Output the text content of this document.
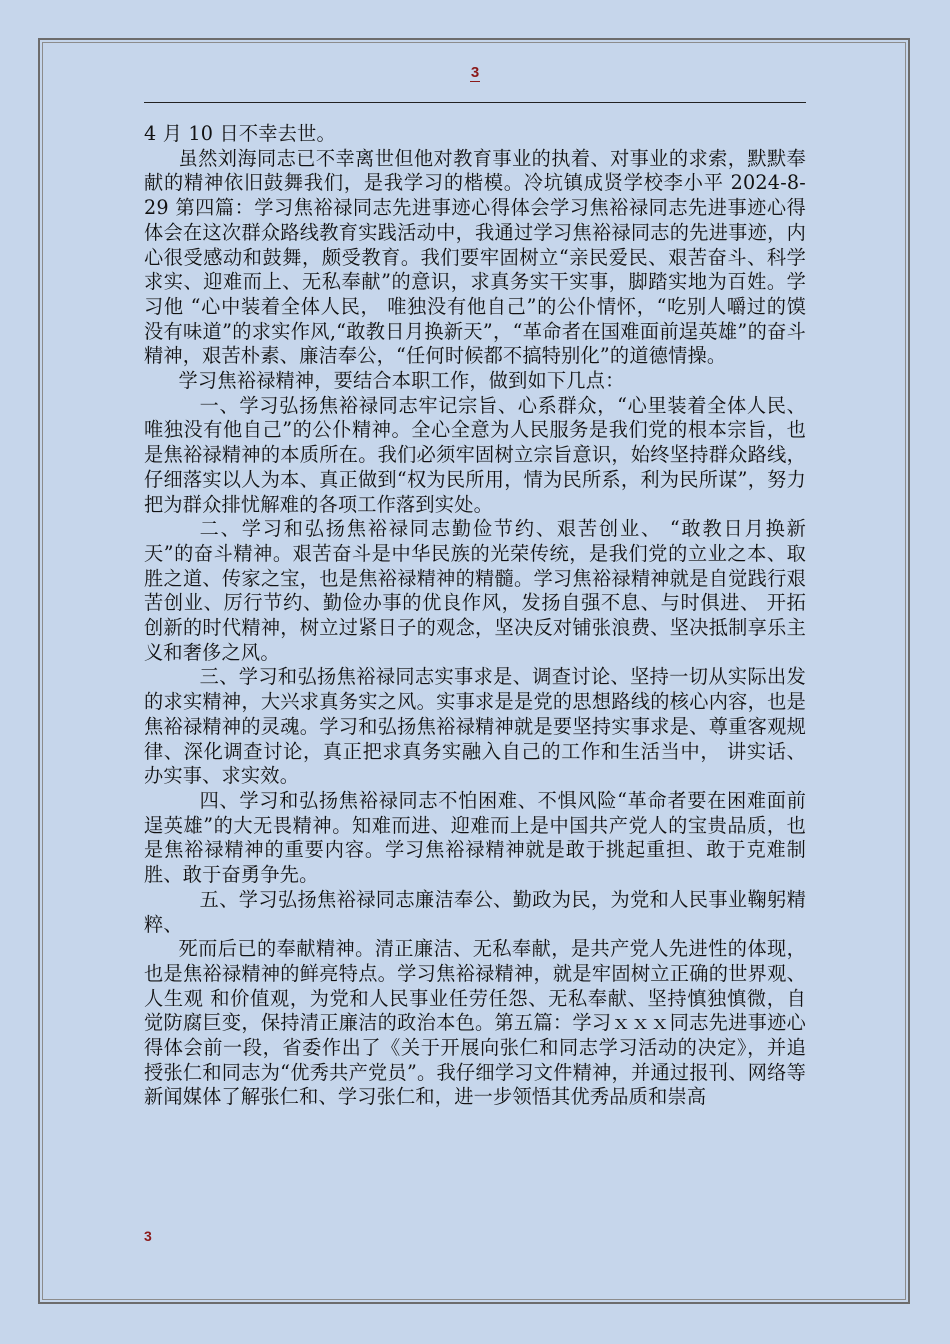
3

4 月 10 日不幸去世。

虽然刘海同志已不幸离世但他对教育事业的执着、对事业的求索，默默奉献的精神依旧鼓舞我们，是我学习的楷模。冷坑镇成贤学校李小平 2024-8-29 第四篇：学习焦裕禄同志先进事迹心得体会学习焦裕禄同志先进事迹心得体会在这次群众路线教育实践活动中，我通过学习焦裕禄同志的先进事迹，内心很受感动和鼓舞，颇受教育。我们要牢固树立“亲民爱民、艰苦奋斗、科学求实、迎难而上、无私奉献”的意识，求真务实干实事，脚踏实地为百姓。学习他 “心中装着全体人民， 唯独没有他自己”的公仆情怀，“吃别人嚼过的馍没有味道”的求实作风,“敢教日月换新天”，“革命者在国难面前逞英雄”的奋斗精神，艰苦朴素、廉洁奉公，“任何时候都不搞特别化”的道德情操。

学习焦裕禄精神，要结合本职工作，做到如下几点：

一、学习弘扬焦裕禄同志牢记宗旨、心系群众，“心里装着全体人民、唯独没有他自己”的公仆精神。全心全意为人民服务是我们党的根本宗旨，也是焦裕禄精神的本质所在。我们必须牢固树立宗旨意识，始终坚持群众路线，仔细落实以人为本、真正做到“权为民所用，情为民所系，利为民所谋”，努力把为群众排忧解难的各项工作落到实处。

二、学习和弘扬焦裕禄同志勤俭节约、艰苦创业、 “敢教日月换新天”的奋斗精神。艰苦奋斗是中华民族的光荣传统，是我们党的立业之本、取胜之道、传家之宝，也是焦裕禄精神的精髓。学习焦裕禄精神就是自觉践行艰苦创业、厉行节约、勤俭办事的优良作风，发扬自强不息、与时俱进、 开拓创新的时代精神，树立过紧日子的观念，坚决反对铺张浪费、坚决抵制享乐主义和奢侈之风。

三、学习和弘扬焦裕禄同志实事求是、调查讨论、坚持一切从实际出发的求实精神，大兴求真务实之风。实事求是是党的思想路线的核心内容，也是焦裕禄精神的灵魂。学习和弘扬焦裕禄精神就是要坚持实事求是、尊重客观规律、深化调查讨论，真正把求真务实融入自己的工作和生活当中， 讲实话、办实事、求实效。

四、学习和弘扬焦裕禄同志不怕困难、不惧风险“革命者要在困难面前逞英雄”的大无畏精神。知难而进、迎难而上是中国共产党人的宝贵品质，也是焦裕禄精神的重要内容。学习焦裕禄精神就是敢于挑起重担、敢于克难制胜、敢于奋勇争先。

五、学习弘扬焦裕禄同志廉洁奉公、勤政为民，为党和人民事业鞠躬精粹、

死而后已的奉献精神。清正廉洁、无私奉献，是共产党人先进性的体现，也是焦裕禄精神的鲜亮特点。学习焦裕禄精神，就是牢固树立正确的世界观、人生观 和价值观，为党和人民事业任劳任怨、无私奉献、坚持慎独慎微，自觉防腐巨变，保持清正廉洁的政治本色。第五篇：学习ｘｘｘ同志先进事迹心得体会前一段，省委作出了《关于开展向张仁和同志学习活动的决定》，并追授张仁和同志为“优秀共产党员”。我仔细学习文件精神，并通过报刊、网络等新闻媒体了解张仁和、学习张仁和，进一步领悟其优秀品质和崇高

3
